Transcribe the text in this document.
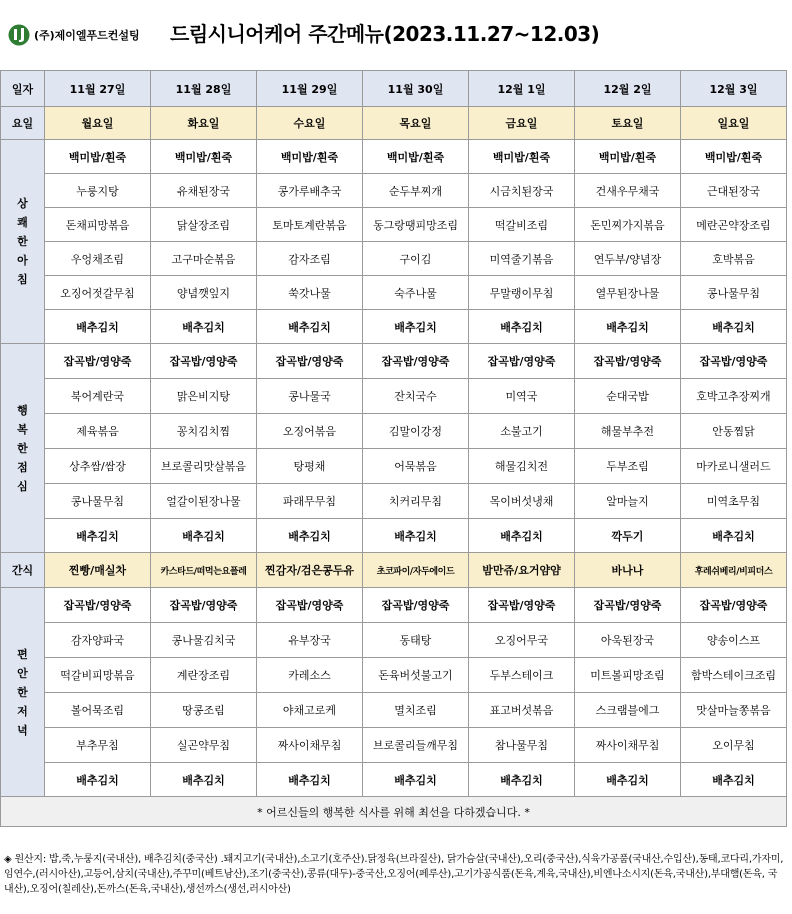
(주)제이엘푸드컨설팅 드림시니어케어 주간메뉴(2023.11.27~12.03)
일자	11월 27일	11월 28일	11월 29일	11월 30일	12월 1일	12월 2일	12월 3일
요일	월요일	화요일	수요일	목요일	금요일	토요일	일요일

상
쾌
한
아
침	백미밥/흰죽	백미밥/흰죽	백미밥/흰죽	백미밥/흰죽	백미밥/흰죽	백미밥/흰죽	백미밥/흰죽
	누룽지탕	유채된장국	콩가루배추국	순두부찌개	시금치된장국	건새우무채국	근대된장국
	돈채피망볶음	닭살장조림	토마토계란볶음	동그랑땡피망조림	떡갈비조림	돈민찌가지볶음	메란곤약장조림
	우엉채조림	고구마순볶음	감자조림	구이김	미역줄기볶음	연두부/양념장	호박볶음
	오징어젓갈무침	양념깻잎지	쑥갓나물	숙주나물	무말랭이무침	열무된장나물	콩나물무침
	배추김치	배추김치	배추김치	배추김치	배추김치	배추김치	배추김치

행
복
한
점
심	잡곡밥/영양죽	잡곡밥/영양죽	잡곡밥/영양죽	잡곡밥/영양죽	잡곡밥/영양죽	잡곡밥/영양죽	잡곡밥/영양죽
	북어계란국	맑은비지탕	콩나물국	잔치국수	미역국	순대국밥	호박고추장찌개
	제육볶음	꽁치김치찜	오징어볶음	김말이강정	소불고기	해물부추전	안동찜닭
	상추쌈/쌈장	브로콜리맛살볶음	탕평채	어묵볶음	해물김치전	두부조림	마카로니샐러드
	콩나물무침	얼갈이된장나물	파래무무침	치커리무침	목이버섯냉채	알마늘지	미역초무침
	배추김치	배추김치	배추김치	배추김치	배추김치	깍두기	배추김치
간식	찐빵/매실차	카스타드/떠먹는요플레	찐감자/검은콩두유	초코파이/자두에이드	밤만쥬/요거얌얌	바나나	후레쉬베리/비피더스

편
안
한
저
녁	잡곡밥/영양죽	잡곡밥/영양죽	잡곡밥/영양죽	잡곡밥/영양죽	잡곡밥/영양죽	잡곡밥/영양죽	잡곡밥/영양죽
	감자양파국	콩나물김치국	유부장국	동태탕	오징어무국	아욱된장국	양송이스프
	떡갈비피망볶음	계란장조림	카레소스	돈육버섯불고기	두부스테이크	미트볼피망조림	함박스테이크조림
	볼어묵조림	땅콩조림	야채고로케	멸치조림	표고버섯볶음	스크램블에그	맛살마늘쫑볶음
	부추무침	실곤약무침	짜사이채무침	브로콜리들깨무침	참나물무침	짜사이채무침	오이무침
	배추김치	배추김치	배추김치	배추김치	배추김치	배추김치	배추김치
* 어르신들의 행복한 식사를 위해 최선을 다하겠습니다. *							
◈ 원산지: 밥,죽,누룽지(국내산), 배추김치(중국산) .돼지고기(국내산),소고기(호주산).닭정육(브라질산), 닭가슴살(국내산),오리(중국산),식육가공품(국내산,수입산),동태,코다리,가자미,임연수,(러시아산),고등어,삼치(국내산),주꾸미(베트남산),조기(중국산),콩류(대두)-중국산,오징어(페루산),고기가공식품(돈육,계육,국내산),비엔나소시지(돈육,국내산),부대햄(돈육, 국내산),오징어(칠레산),돈까스(돈육,국내산),생선까스(생선,러시아산)
